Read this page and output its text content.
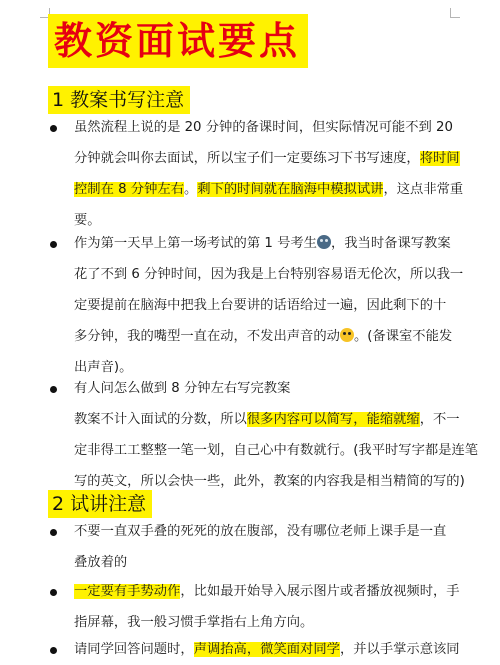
教资面试要点
1 教案书写注意
虽然流程上说的是 20 分钟的备课时间，但实际情况可能不到 20
分钟就会叫你去面试，所以宝子们一定要练习下书写速度，将时间
控制在 8 分钟左右。剩下的时间就在脑海中模拟试讲，这点非常重
要。
作为第一天早上第一场考试的第 1 号考生 ，我当时备课写教案
花了不到 6 分钟时间，因为我是上台特别容易语无伦次，所以我一
定要提前在脑海中把我上台要讲的话语给过一遍，因此剩下的十
多分钟，我的嘴型一直在动，不发出声音的动 。(备课室不能发
出声音)。
有人问怎么做到 8 分钟左右写完教案
教案不计入面试的分数，所以很多内容可以简写，能缩就缩，不一
定非得工工整整一笔一划，自己心中有数就行。(我平时写字都是连笔
写的英文，所以会快一些，此外，教案的内容我是相当精简的写的)
2 试讲注意
不要一直双手叠的死死的放在腹部，没有哪位老师上课手是一直
叠放着的
一定要有手势动作，比如最开始导入展示图片或者播放视频时，手
指屏幕，我一般习惯手掌指右上角方向。
请同学回答问题时，声调抬高，微笑面对同学，并以手掌示意该同
